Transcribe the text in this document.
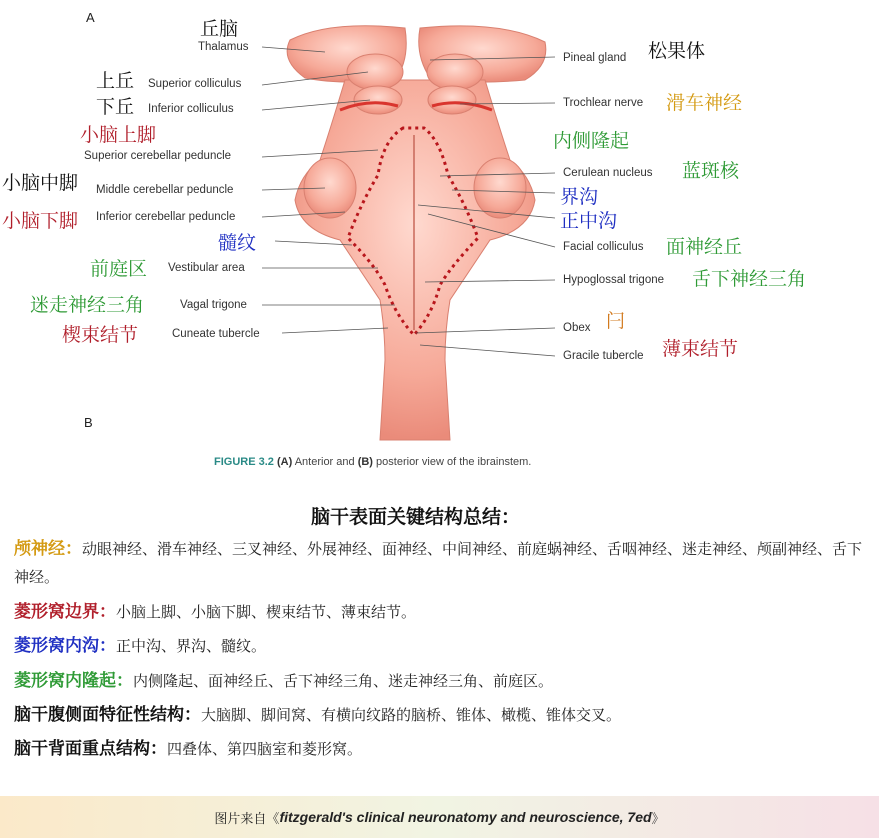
A
B
丘脑
Thalamus
上丘 Superior colliculus
下丘 Inferior colliculus
小脑上脚
Superior cerebellar peduncle
小脑中脚 Middle cerebellar peduncle
小脑下脚 Inferior cerebellar peduncle
髓纹
前庭区 Vestibular area
迷走神经三角	Vagal trigone
楔束结节	Cuneate tubercle
Pineal gland 松果体
Trochlear nerve 滑车神经
内侧隆起
Cerulean nucleus 蓝斑核
界沟
正中沟
Facial colliculus 面神经丘
Hypoglossal trigone 舌下神经三角
Obex 闩
Gracile tubercle 薄束结节
FIGURE 3.2 (A) Anterior and (B) posterior view of the ibrainstem.
脑干表面关键结构总结：
颅神经：动眼神经、滑车神经、三叉神经、外展神经、面神经、中间神经、前庭蜗神经、舌咽神经、迷走神经、颅副神经、舌下神经。
菱形窝边界：小脑上脚、小脑下脚、楔束结节、薄束结节。
菱形窝内沟：正中沟、界沟、髓纹。
菱形窝内隆起：内侧隆起、面神经丘、舌下神经三角、迷走神经三角、前庭区。
脑干腹侧面特征性结构：大脑脚、脚间窝、有横向纹路的脑桥、锥体、橄榄、锥体交叉。
脑干背面重点结构：四叠体、第四脑室和菱形窝。
图片来自《 fitzgerald's clinical neuronatomy and neuroscience, 7ed 》
